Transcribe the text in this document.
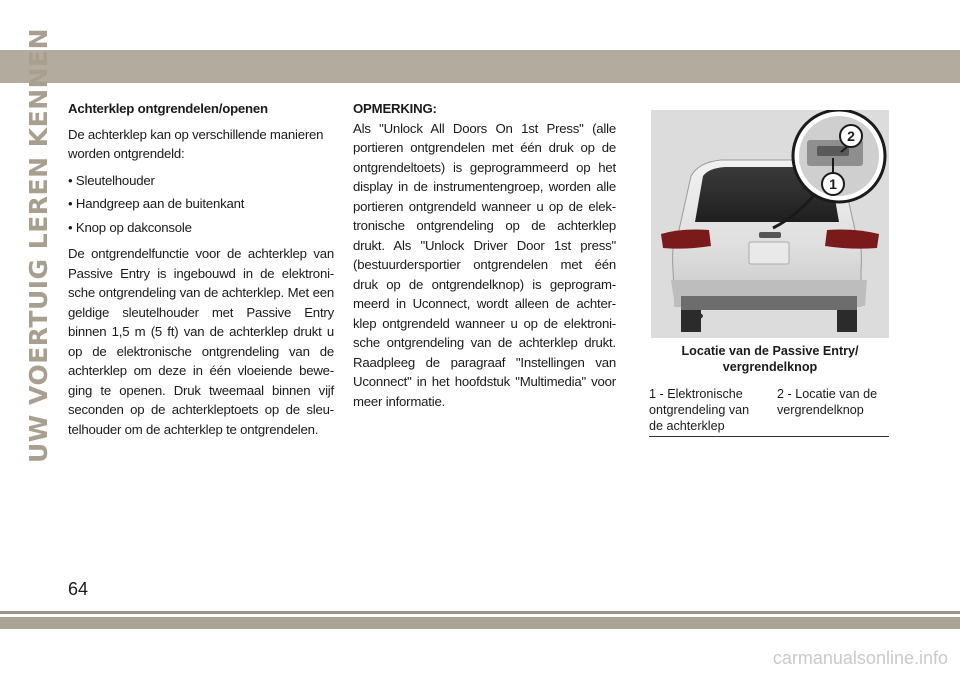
UW VOERTUIG LEREN KENNEN Achterklep ontgrendelen/openen

De achterklep kan op verschillende manieren worden ontgrendeld:

• Sleutelhouder

• Handgreep aan de buitenkant

• Knop op dakconsole

De ontgrendelfunctie voor de achterklep van Passive Entry is ingebouwd in de elektroni-sche ontgrendeling van de achterklep. Met een geldige sleutelhouder met Passive Entry binnen 1,5 m (5 ft) van de achterklep drukt u op de elektronische ontgrendeling van de achterklep om deze in één vloeiende bewe-ging te openen. Druk tweemaal binnen vijf seconden op de achterkleptoets op de sleu-telhouder om de achterklep te ontgrendelen.

OPMERKING:

Als "Unlock All Doors On 1st Press" (alle portieren ontgrendelen met één druk op de ontgrendeltoets) is geprogrammeerd op het display in de instrumentengroep, worden alle portieren ontgrendeld wanneer u op de elek-tronische ontgrendeling op de achterklep drukt. Als "Unlock Driver Door 1st press" (bestuurdersportier ontgrendelen met één druk op de ontgrendelknop) is geprogram-meerd in Uconnect, wordt alleen de achter-klep ontgrendeld wanneer u op de elektroni-sche ontgrendeling van de achterklep drukt. Raadpleeg de paragraaf "Instellingen van Uconnect" in het hoofdstuk "Multimedia" voor meer informatie.

2
1
Locatie van de Passive Entry/ vergrendelknop
1 - Elektronische ontgrendeling van de achterklep
2 - Locatie van de vergrendelknop
64
carmanualsonline.info
